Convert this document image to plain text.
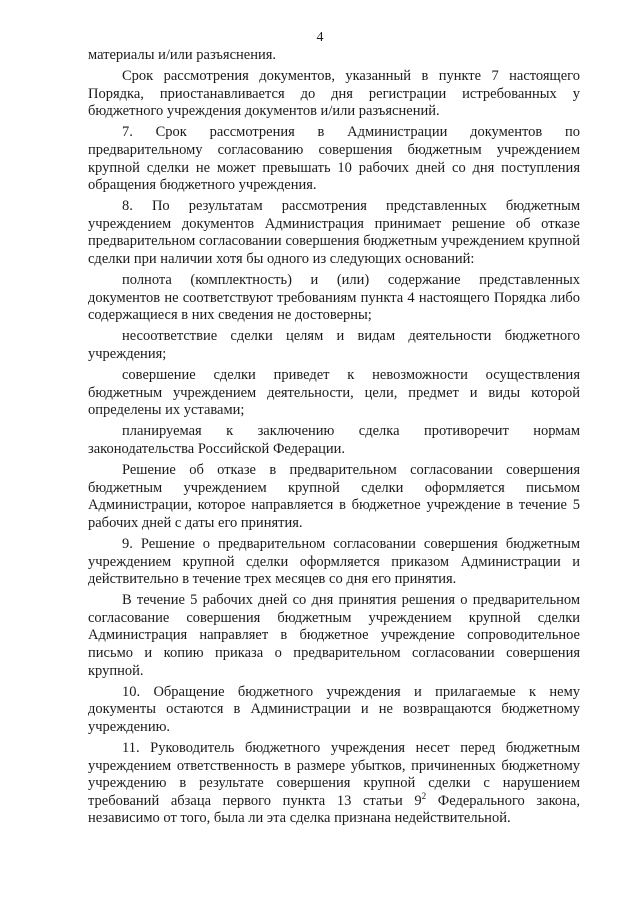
4

материалы и/или разъяснения.

Срок рассмотрения документов, указанный в пункте 7 настоящего Порядка, приостанавливается до дня регистрации истребованных у бюджетного учреждения документов и/или разъяснений.

7. Срок рассмотрения в Администрации документов по предварительному согласованию совершения бюджетным учреждением крупной сделки не может превышать 10 рабочих дней со дня поступления обращения бюджетного учреждения.

8. По результатам рассмотрения представленных бюджетным учреждением документов Администрация принимает решение об отказе предварительном согласовании совершения бюджетным учреждением крупной сделки при наличии хотя бы одного из следующих оснований:

полнота (комплектность) и (или) содержание представленных документов не соответствуют требованиям пункта 4 настоящего Порядка либо содержащиеся в них сведения не достоверны;

несоответствие сделки целям и видам деятельности бюджетного учреждения;

совершение сделки приведет к невозможности осуществления бюджетным учреждением деятельности, цели, предмет и виды которой определены их уставами;

планируемая к заключению сделка противоречит нормам законодательства Российской Федерации.

Решение об отказе в предварительном согласовании совершения бюджетным учреждением крупной сделки оформляется письмом Администрации, которое направляется в бюджетное учреждение в течение 5 рабочих дней с даты его принятия.

9. Решение о предварительном согласовании совершения бюджетным учреждением крупной сделки оформляется приказом Администрации и действительно в течение трех месяцев со дня его принятия.

В течение 5 рабочих дней со дня принятия решения о предварительном согласование совершения бюджетным учреждением крупной сделки Администрация направляет в бюджетное учреждение сопроводительное письмо и копию приказа о предварительном согласовании совершения крупной.

10. Обращение бюджетного учреждения и прилагаемые к нему документы остаются в Администрации и не возвращаются бюджетному учреждению.

11. Руководитель бюджетного учреждения несет перед бюджетным учреждением ответственность в размере убытков, причиненных бюджетному учреждению в результате совершения крупной сделки с нарушением требований абзаца первого пункта 13 статьи $9^2$ Федерального закона, независимо от того, была ли эта сделка признана недействительной.
